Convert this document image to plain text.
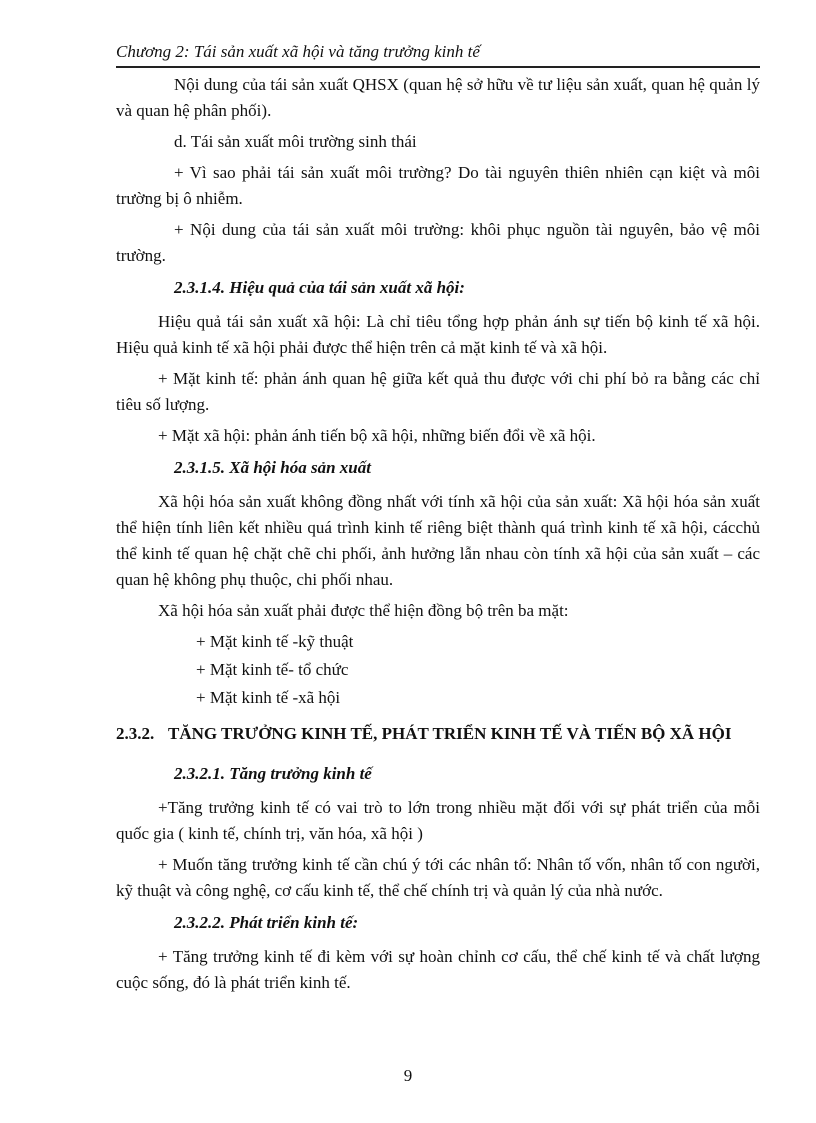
Chương 2: Tái sản xuất xã hội và tăng trưởng kinh tế

Nội dung của tái sản xuất QHSX (quan hệ sở hữu về tư liệu sản xuất, quan hệ quản lý và quan hệ phân phối).

d. Tái sản xuất môi trường sinh thái

+ Vì sao phải tái sản xuất môi trường? Do tài nguyên thiên nhiên cạn kiệt và môi trường bị ô nhiễm.

+ Nội dung của tái sản xuất môi trường: khôi phục nguồn tài nguyên, bảo vệ môi trường.

2.3.1.4. Hiệu quả của tái sản xuất xã hội:

Hiệu quả tái sản xuất xã hội: Là chỉ tiêu tổng hợp phản ánh sự tiến bộ kinh tế xã hội. Hiệu quả kinh tế xã hội phải được thể hiện trên cả mặt kinh tế và xã hội.

+ Mặt kinh tế: phản ánh quan hệ giữa kết quả thu được với chi phí bỏ ra bằng các chỉ tiêu số lượng.

+ Mặt xã hội: phản ánh tiến bộ xã hội, những biến đổi về xã hội.

2.3.1.5. Xã hội hóa sản xuất

Xã hội hóa sản xuất không đồng nhất với tính xã hội của sản xuất: Xã hội hóa sản xuất thể hiện tính liên kết nhiều quá trình kinh tế riêng biệt thành quá trình kinh tế xã hội, cácchủ thể kinh tế quan hệ chặt chẽ chi phối, ảnh hưởng lẫn nhau còn tính xã hội của sản xuất – các quan hệ không phụ thuộc, chi phối nhau.

Xã hội hóa sản xuất phải được thể hiện đồng bộ trên ba mặt:

+ Mặt kinh tế -kỹ thuật
+ Mặt kinh tế- tổ chức
+ Mặt kinh tế -xã hội
2.3.2. TĂNG TRƯỞNG KINH TẾ, PHÁT TRIỂN KINH TẾ VÀ TIẾN BỘ XÃ HỘI
2.3.2.1. Tăng trưởng kinh tế

+Tăng trưởng kinh tế có vai trò to lớn trong nhiều mặt đối với sự phát triển của mỗi quốc gia ( kinh tế, chính trị, văn hóa, xã hội )

+ Muốn tăng trưởng kinh tế cần chú ý tới các nhân tố: Nhân tố vốn, nhân tố con người, kỹ thuật và công nghệ, cơ cấu kinh tế, thể chế chính trị và quản lý của nhà nước.

2.3.2.2. Phát triển kinh tế:

+ Tăng trưởng kinh tế đi kèm với sự hoàn chỉnh cơ cấu, thể chế kinh tế và chất lượng cuộc sống, đó là phát triển kinh tế.

9
